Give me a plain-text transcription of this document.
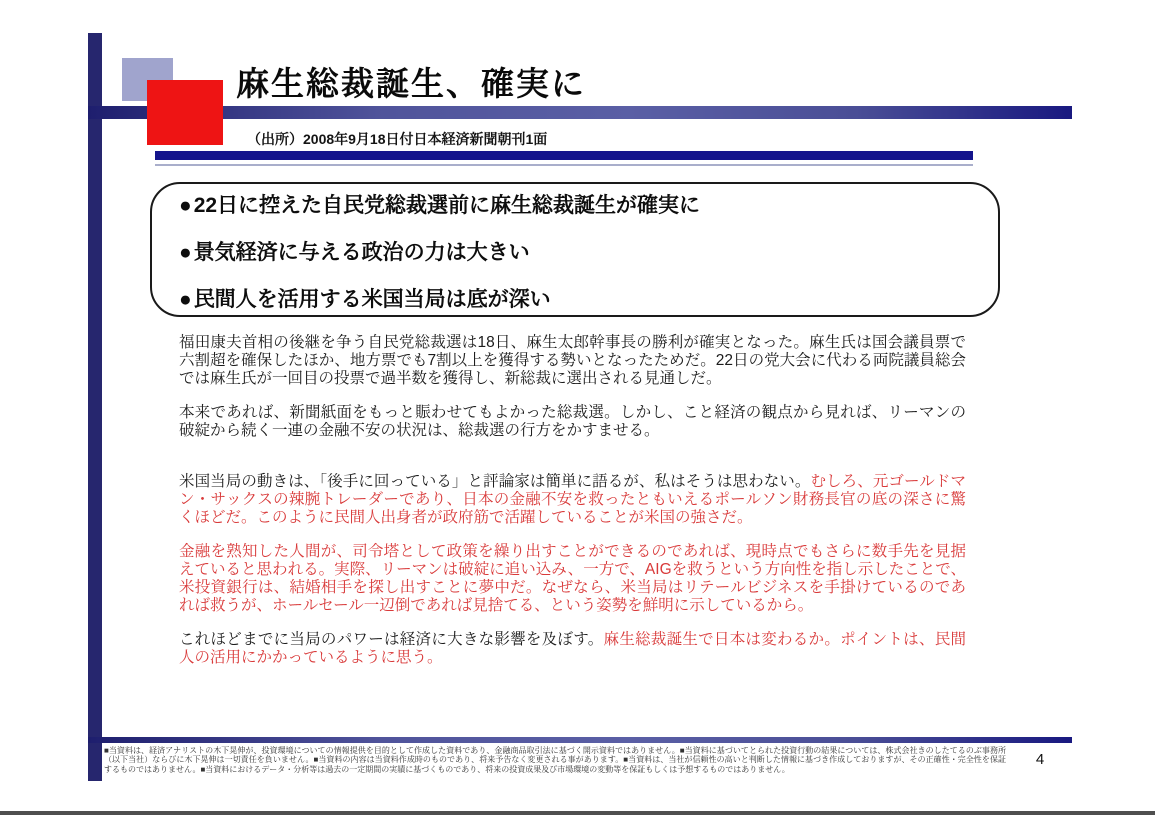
麻生総裁誕生、確実に
（出所）2008年9月18日付日本経済新聞朝刊1面
● 22日に控えた自民党総裁選前に麻生総裁誕生が確実に
● 景気経済に与える政治の力は大きい
● 民間人を活用する米国当局は底が深い

福田康夫首相の後継を争う自民党総裁選は18日、麻生太郎幹事長の勝利が確実となった。麻生氏は国会議員票で六割超を確保したほか、地方票でも7割以上を獲得する勢いとなったためだ。22日の党大会に代わる両院議員総会では麻生氏が一回目の投票で過半数を獲得し、新総裁に選出される見通しだ。

本来であれば、新聞紙面をもっと賑わせてもよかった総裁選。しかし、こと経済の観点から見れば、リーマンの破綻から続く一連の金融不安の状況は、総裁選の行方をかすませる。

米国当局の動きは、「後手に回っている」と評論家は簡単に語るが、私はそうは思わない。むしろ、元ゴールドマン・サックスの辣腕トレーダーであり、日本の金融不安を救ったともいえるポールソン財務長官の底の深さに驚くほどだ。このように民間人出身者が政府筋で活躍していることが米国の強さだ。

金融を熟知した人間が、司令塔として政策を繰り出すことができるのであれば、現時点でもさらに数手先を見据えていると思われる。実際、リーマンは破綻に追い込み、一方で、AIGを救うという方向性を指し示したことで、米投資銀行は、結婚相手を探し出すことに夢中だ。なぜなら、米当局はリテールビジネスを手掛けているのであれば救うが、ホールセール一辺倒であれば見捨てる、という姿勢を鮮明に示しているから。

これほどまでに当局のパワーは経済に大きな影響を及ぼす。麻生総裁誕生で日本は変わるか。ポイントは、民間人の活用にかかっているように思う。

■当資料は、経済アナリストの木下晃伸が、投資環境についての情報提供を目的として作成した資料であり、金融商品取引法に基づく開示資料ではありません。■当資料に基づいてとられた投資行動の結果については、株式会社きのしたてるのぶ事務所（以下当社）ならびに木下晃伸は一切責任を負いません。■当資料の内容は当資料作成時のものであり、将来予告なく変更される事があります。■当資料は、当社が信頼性の高いと判断した情報に基づき作成しておりますが、その正確性・完全性を保証するものではありません。■当資料におけるデータ・分析等は過去の一定期間の実績に基づくものであり、将来の投資成果及び市場環境の変動等を保証もしくは予想するものではありません。
4
